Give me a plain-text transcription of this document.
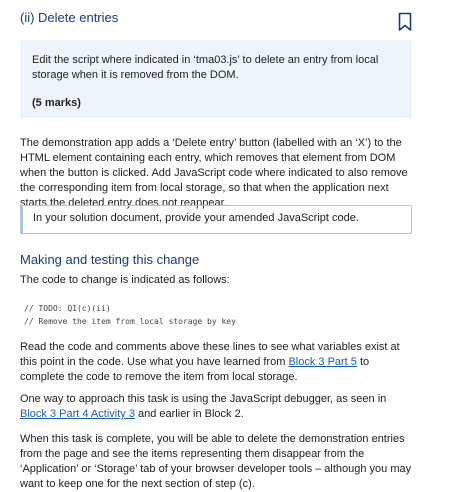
(ii) Delete entries

Edit the script where indicated in ‘tma03.js’ to delete an entry from local storage when it is removed from the DOM.

(5 marks)

The demonstration app adds a ‘Delete entry’ button (labelled with an ‘X’) to the HTML element containing each entry, which removes that element from DOM when the button is clicked. Add JavaScript code where indicated to also remove the corresponding item from local storage, so that when the application next starts the deleted entry does not reappear.

In your solution document, provide your amended JavaScript code.
Making and testing this change

The code to change is indicated as follows:

// TODO: Q1(c)(ii)
// Remove the item from local storage by key

Read the code and comments above these lines to see what variables exist at this point in the code. Use what you have learned from Block 3 Part 5 to complete the code to remove the item from local storage.

One way to approach this task is using the JavaScript debugger, as seen in Block 3 Part 4 Activity 3 and earlier in Block 2.

When this task is complete, you will be able to delete the demonstration entries from the page and see the items representing them disappear from the ‘Application’ or ‘Storage’ tab of your browser developer tools – although you may want to keep one for the next section of step (c).
